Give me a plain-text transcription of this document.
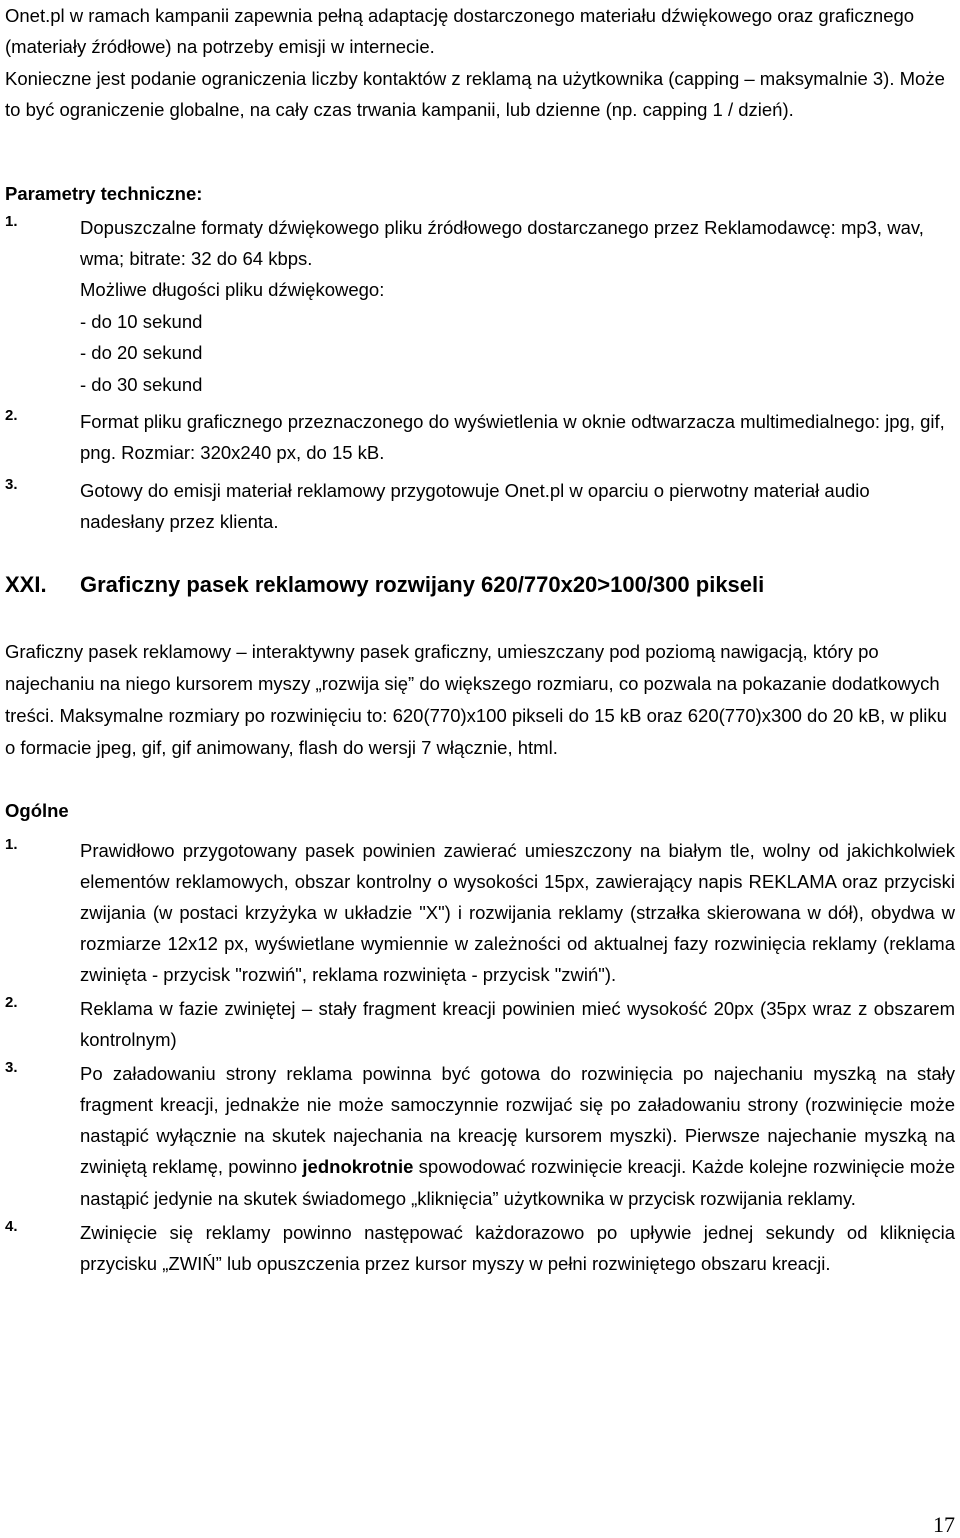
Onet.pl w ramach kampanii zapewnia pełną adaptację dostarczonego materiału dźwiękowego oraz graficznego (materiały źródłowe) na potrzeby emisji w internecie.

Konieczne jest podanie ograniczenia liczby kontaktów z reklamą na użytkownika (capping – maksymalnie 3). Może to być ograniczenie globalne, na cały czas trwania kampanii, lub dzienne (np. capping 1 / dzień).

Parametry techniczne:

1.	Dopuszczalne formaty dźwiękowego pliku źródłowego dostarczanego przez Reklamodawcę: mp3, wav, wma; bitrate: 32 do 64 kbps.
Możliwe długości pliku dźwiękowego:
- do 10 sekund
- do 20 sekund
- do 30 sekund
2.	Format pliku graficznego przeznaczonego do wyświetlenia w oknie odtwarzacza multimedialnego: jpg, gif, png. Rozmiar: 320x240 px, do 15 kB.
3.	Gotowy do emisji materiał reklamowy przygotowuje Onet.pl w oparciu o pierwotny materiał audio nadesłany przez klienta.
XXI.	Graficzny pasek reklamowy rozwijany 620/770x20>100/300 pikseli

Graficzny pasek reklamowy – interaktywny pasek graficzny, umieszczany pod poziomą nawigacją, który po najechaniu na niego kursorem myszy „rozwija się” do większego rozmiaru, co pozwala na pokazanie dodatkowych treści. Maksymalne rozmiary po rozwinięciu to: 620(770)x100 pikseli do 15 kB oraz 620(770)x300 do 20 kB, w pliku o formacie jpeg, gif, gif animowany, flash do wersji 7 włącznie, html.

Ogólne

1.	Prawidłowo przygotowany pasek powinien zawierać umieszczony na białym tle, wolny od jakichkolwiek elementów reklamowych, obszar kontrolny o wysokości 15px, zawierający napis REKLAMA oraz przyciski zwijania (w postaci krzyżyka w układzie "X") i rozwijania reklamy (strzałka skierowana w dół), obydwa w rozmiarze 12x12 px, wyświetlane wymiennie w zależności od aktualnej fazy rozwinięcia reklamy (reklama zwinięta - przycisk "rozwiń", reklama rozwinięta - przycisk "zwiń").
2.	Reklama w fazie zwiniętej – stały fragment kreacji powinien mieć wysokość 20px (35px wraz z obszarem kontrolnym)
3.	Po załadowaniu strony reklama powinna być gotowa do rozwinięcia po najechaniu myszką na stały fragment kreacji, jednakże nie może samoczynnie rozwijać się po załadowaniu strony (rozwinięcie może nastąpić wyłącznie na skutek najechania na kreację kursorem myszki). Pierwsze najechanie myszką na zwiniętą reklamę, powinno jednokrotnie spowodować rozwinięcie kreacji. Każde kolejne rozwinięcie może nastąpić jedynie na skutek świadomego „kliknięcia” użytkownika w przycisk rozwijania reklamy.
4.	Zwinięcie się reklamy powinno następować każdorazowo po upływie jednej sekundy od kliknięcia przycisku „ZWIŃ” lub opuszczenia przez kursor myszy w pełni rozwiniętego obszaru kreacji.
17
